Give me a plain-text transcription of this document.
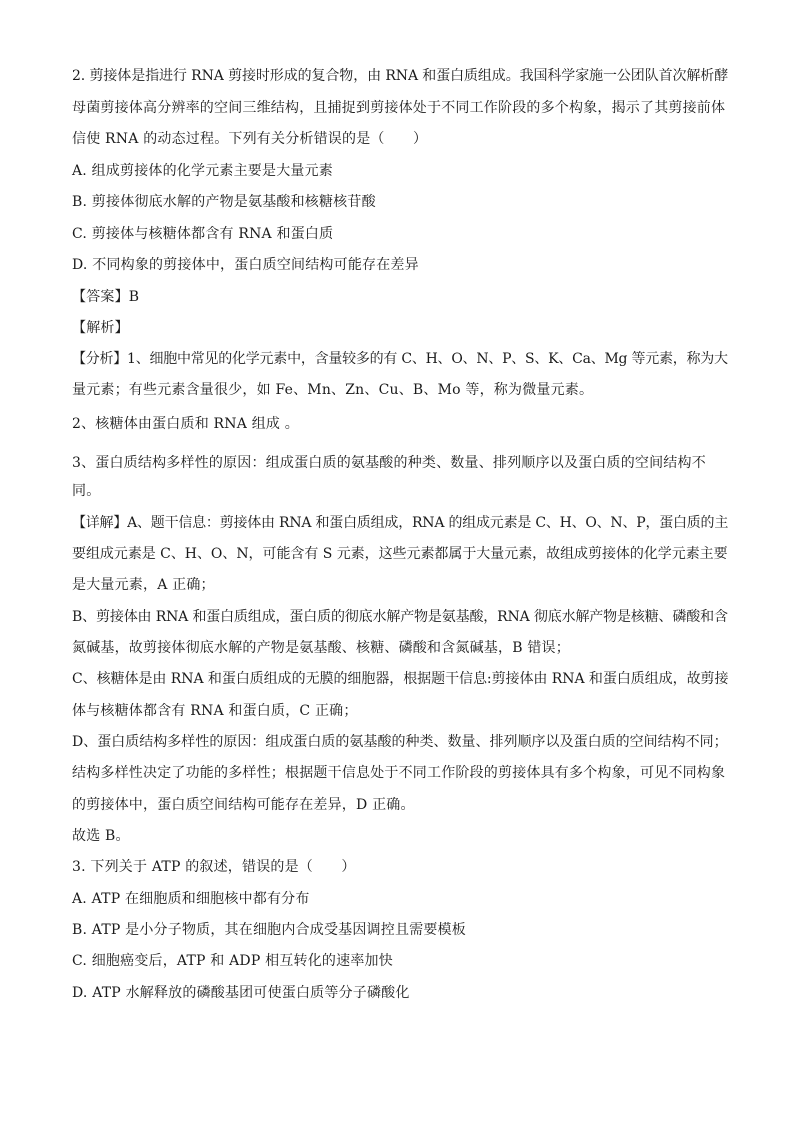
2. 剪接体是指进行 RNA 剪接时形成的复合物，由 RNA 和蛋白质组成。我国科学家施一公团队首次解析酵
母菌剪接体高分辨率的空间三维结构，且捕捉到剪接体处于不同工作阶段的多个构象，揭示了其剪接前体
信使 RNA 的动态过程。下列有关分析错误的是（　　）
A. 组成剪接体的化学元素主要是大量元素
B. 剪接体彻底水解的产物是氨基酸和核糖核苷酸
C. 剪接体与核糖体都含有 RNA 和蛋白质
D. 不同构象的剪接体中，蛋白质空间结构可能存在差异
【答案】B
【解析】
【分析】1、细胞中常见的化学元素中，含量较多的有 C、H、O、N、P、S、K、Ca、Mg 等元素，称为大
量元素；有些元素含量很少，如 Fe、Mn、Zn、Cu、B、Mo 等，称为微量元素。
2、核糖体由蛋白质和 RNA 组成 。
3、蛋白质结构多样性的原因：组成蛋白质的氨基酸的种类、数量、排列顺序以及蛋白质的空间结构不
同。
【详解】A、题干信息：剪接体由 RNA 和蛋白质组成，RNA 的组成元素是 C、H、O、N、P，蛋白质的主
要组成元素是 C、H、O、N，可能含有 S 元素，这些元素都属于大量元素，故组成剪接体的化学元素主要
是大量元素，A 正确；
B、剪接体由 RNA 和蛋白质组成，蛋白质的彻底水解产物是氨基酸，RNA 彻底水解产物是核糖、磷酸和含
氮碱基，故剪接体彻底水解的产物是氨基酸、核糖、磷酸和含氮碱基，B 错误；
C、核糖体是由 RNA 和蛋白质组成的无膜的细胞器，根据题干信息:剪接体由 RNA 和蛋白质组成，故剪接
体与核糖体都含有 RNA 和蛋白质，C 正确；
D、蛋白质结构多样性的原因：组成蛋白质的氨基酸的种类、数量、排列顺序以及蛋白质的空间结构不同；
结构多样性决定了功能的多样性；根据题干信息处于不同工作阶段的剪接体具有多个构象，可见不同构象
的剪接体中，蛋白质空间结构可能存在差异，D 正确。
故选 B。
3. 下列关于 ATP 的叙述，错误的是（　　）
A. ATP 在细胞质和细胞核中都有分布
B. ATP 是小分子物质，其在细胞内合成受基因调控且需要模板
C. 细胞癌变后，ATP 和 ADP 相互转化的速率加快
D. ATP 水解释放的磷酸基团可使蛋白质等分子磷酸化
